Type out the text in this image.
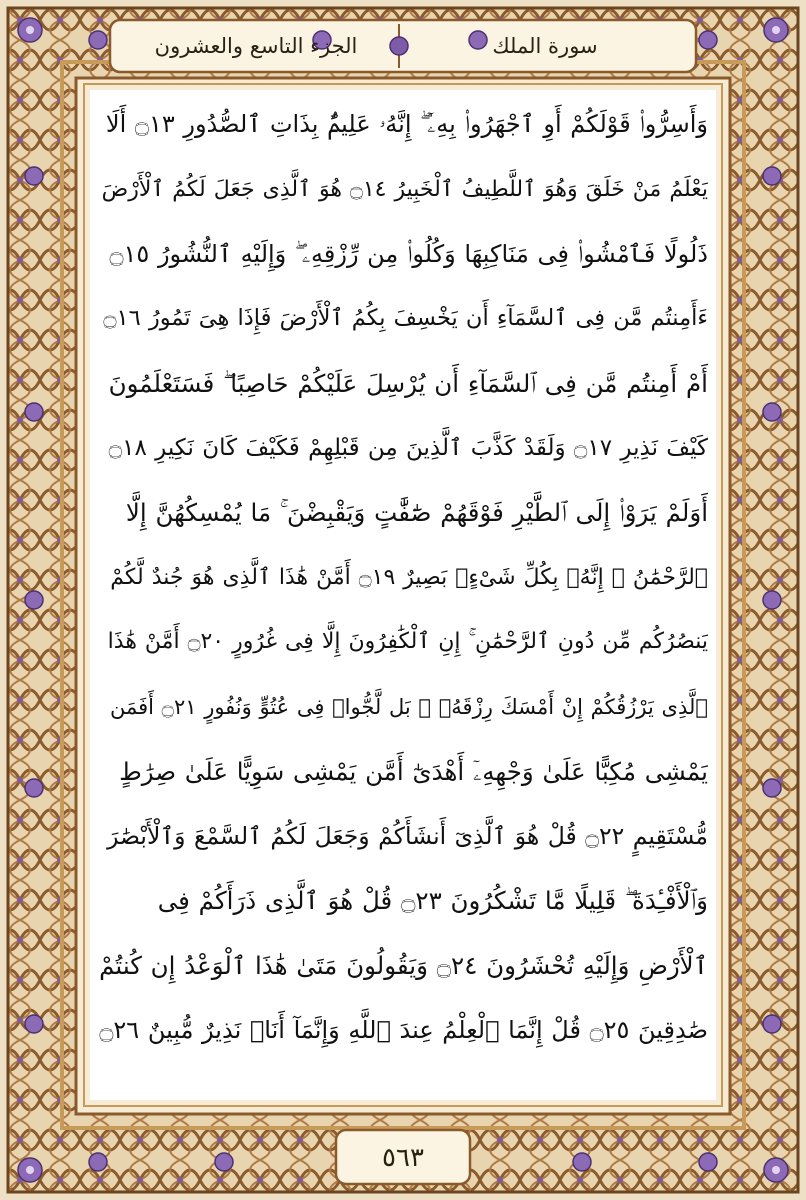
الجزء التاسع والعشرون	سورة الملك
وَأَسِرُّوا۟ قَوْلَكُمْ أَوِ ٱجْهَرُوا۟ بِهِۦٓ ۖ إِنَّهُۥ عَلِيمٌۢ بِذَاتِ ٱلصُّدُورِ ۝١٣ أَلَا
يَعْلَمُ مَنْ خَلَقَ وَهُوَ ٱللَّطِيفُ ٱلْخَبِيرُ ۝١٤ هُوَ ٱلَّذِى جَعَلَ لَكُمُ ٱلْأَرْضَ
ذَلُولًا فَٱمْشُوا۟ فِى مَنَاكِبِهَا وَكُلُوا۟ مِن رِّزْقِهِۦ ۖ وَإِلَيْهِ ٱلنُّشُورُ ۝١٥
ءَأَمِنتُم مَّن فِى ٱلسَّمَآءِ أَن يَخْسِفَ بِكُمُ ٱلْأَرْضَ فَإِذَا هِىَ تَمُورُ ۝١٦
أَمْ أَمِنتُم مَّن فِى ٱلسَّمَآءِ أَن يُرْسِلَ عَلَيْكُمْ حَاصِبًا ۖ فَسَتَعْلَمُونَ
كَيْفَ نَذِيرِ ۝١٧ وَلَقَدْ كَذَّبَ ٱلَّذِينَ مِن قَبْلِهِمْ فَكَيْفَ كَانَ نَكِيرِ ۝١٨
أَوَلَمْ يَرَوْا۟ إِلَى ٱلطَّيْرِ فَوْقَهُمْ صَٰٓفَّٰتٍ وَيَقْبِضْنَ ۚ مَا يُمْسِكُهُنَّ إِلَّا
ٱلرَّحْمَٰنُ ۚ إِنَّهُۥ بِكُلِّ شَىْءٍۭ بَصِيرٌ ۝١٩ أَمَّنْ هَٰذَا ٱلَّذِى هُوَ جُندٌ لَّكُمْ
يَنصُرُكُم مِّن دُونِ ٱلرَّحْمَٰنِ ۚ إِنِ ٱلْكَٰفِرُونَ إِلَّا فِى غُرُورٍ ۝٢٠ أَمَّنْ هَٰذَا
ٱلَّذِى يَرْزُقُكُمْ إِنْ أَمْسَكَ رِزْقَهُۥ ۚ بَل لَّجُّوا۟ فِى عُتُوٍّ وَنُفُورٍ ۝٢١ أَفَمَن
يَمْشِى مُكِبًّا عَلَىٰ وَجْهِهِۦٓ أَهْدَىٰٓ أَمَّن يَمْشِى سَوِيًّا عَلَىٰ صِرَٰطٍ
مُّسْتَقِيمٍ ۝٢٢ قُلْ هُوَ ٱلَّذِىٓ أَنشَأَكُمْ وَجَعَلَ لَكُمُ ٱلسَّمْعَ وَٱلْأَبْصَٰرَ
وَٱلْأَفْـِٔدَةَ ۖ قَلِيلًا مَّا تَشْكُرُونَ ۝٢٣ قُلْ هُوَ ٱلَّذِى ذَرَأَكُمْ فِى
ٱلْأَرْضِ وَإِلَيْهِ تُحْشَرُونَ ۝٢٤ وَيَقُولُونَ مَتَىٰ هَٰذَا ٱلْوَعْدُ إِن كُنتُمْ
صَٰدِقِينَ ۝٢٥ قُلْ إِنَّمَا ٱلْعِلْمُ عِندَ ٱللَّهِ وَإِنَّمَآ أَنَا۠ نَذِيرٌ مُّبِينٌ ۝٢٦
٥٦٣
